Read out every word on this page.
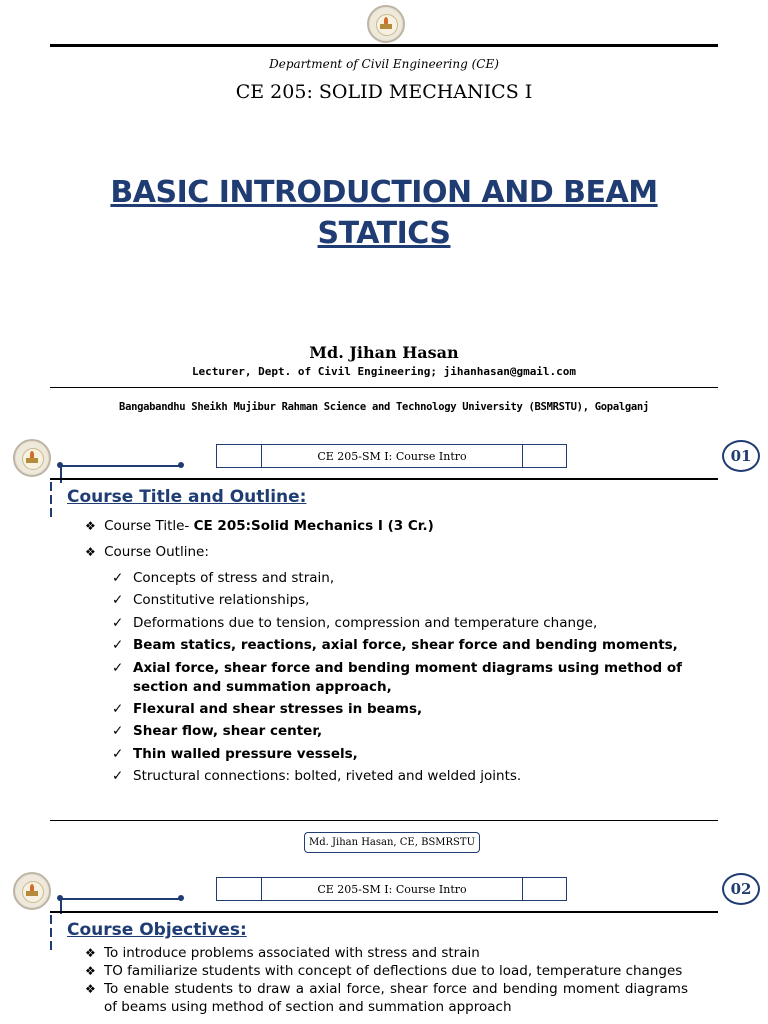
Department of Civil Engineering (CE)
CE 205: SOLID MECHANICS I
BASIC INTRODUCTION AND BEAM
STATICS
Md. Jihan Hasan
Lecturer, Dept. of Civil Engineering; jihanhasan@gmail.com
Bangabandhu Sheikh Mujibur Rahman Science and Technology University (BSMRSTU), Gopalganj
CE 205-SM I: Course Intro	01
Course Title and Outline:
❖ Course Title- CE 205:Solid Mechanics I (3 Cr.)
❖ Course Outline:
✓ Concepts of stress and strain,
✓ Constitutive relationships,
✓ Deformations due to tension, compression and temperature change,
✓ Beam statics, reactions, axial force, shear force and bending moments,
✓ Axial force, shear force and bending moment diagrams using method of section and summation approach,
✓ Flexural and shear stresses in beams,
✓ Shear flow, shear center,
✓ Thin walled pressure vessels,
✓ Structural connections: bolted, riveted and welded joints.
Md. Jihan Hasan, CE, BSMRSTU
CE 205-SM I: Course Intro	02
Course Objectives:
❖ To introduce problems associated with stress and strain
❖ TO familiarize students with concept of deflections due to load, temperature changes
❖ To enable students to draw a axial force, shear force and bending moment diagrams of beams using method of section and summation approach
